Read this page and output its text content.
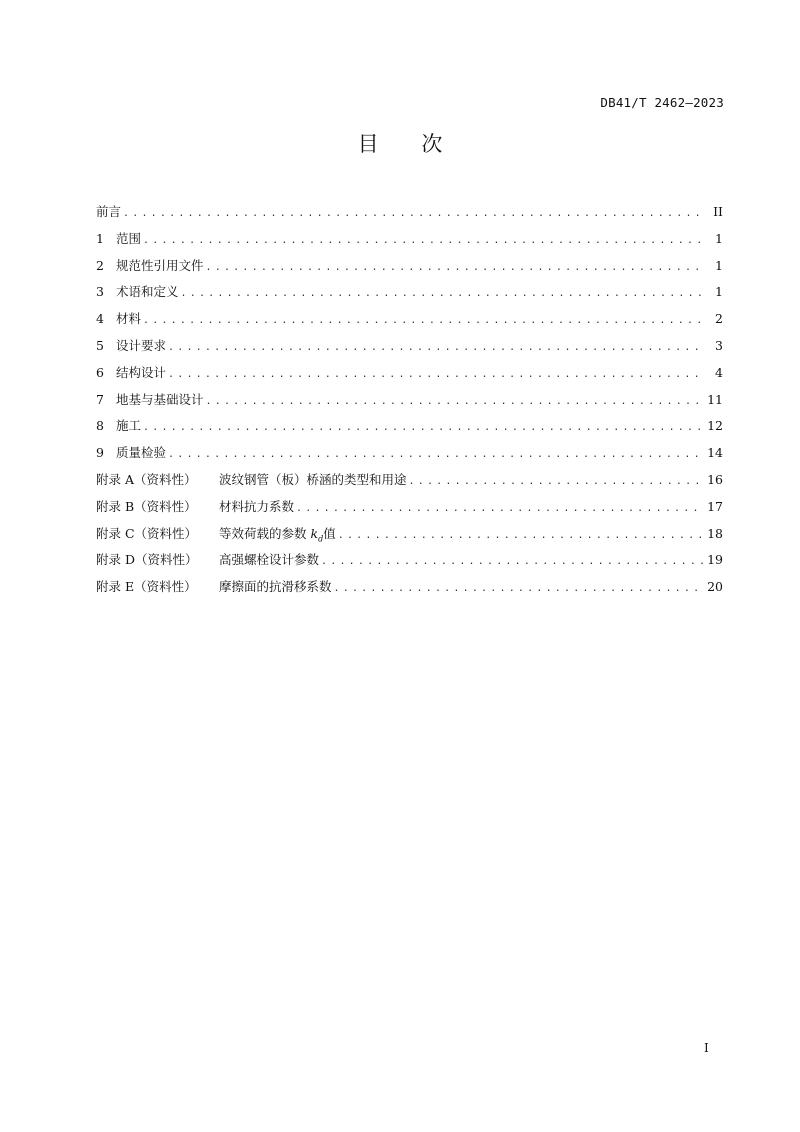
DB41/T 2462—2023
目 次
前言 .....	II
1 范围 .....	1
2 规范性引用文件 .....	1
3 术语和定义 .....	1
4 材料 .....	2
5 设计要求 .....	3
6 结构设计 .....	4
7 地基与基础设计 .....	11
8 施工 .....	12
9 质量检验 .....	14
附录 A（资料性）	波纹钢管（板）桥涵的类型和用途 .....	16
附录 B（资料性）	材料抗力系数 .....	17
附录 C（资料性）	等效荷载的参数 $k_d$ 值 .....	18
附录 D（资料性）	高强螺栓设计参数 .....	19
附录 E（资料性）	摩擦面的抗滑移系数 .....	20
I
